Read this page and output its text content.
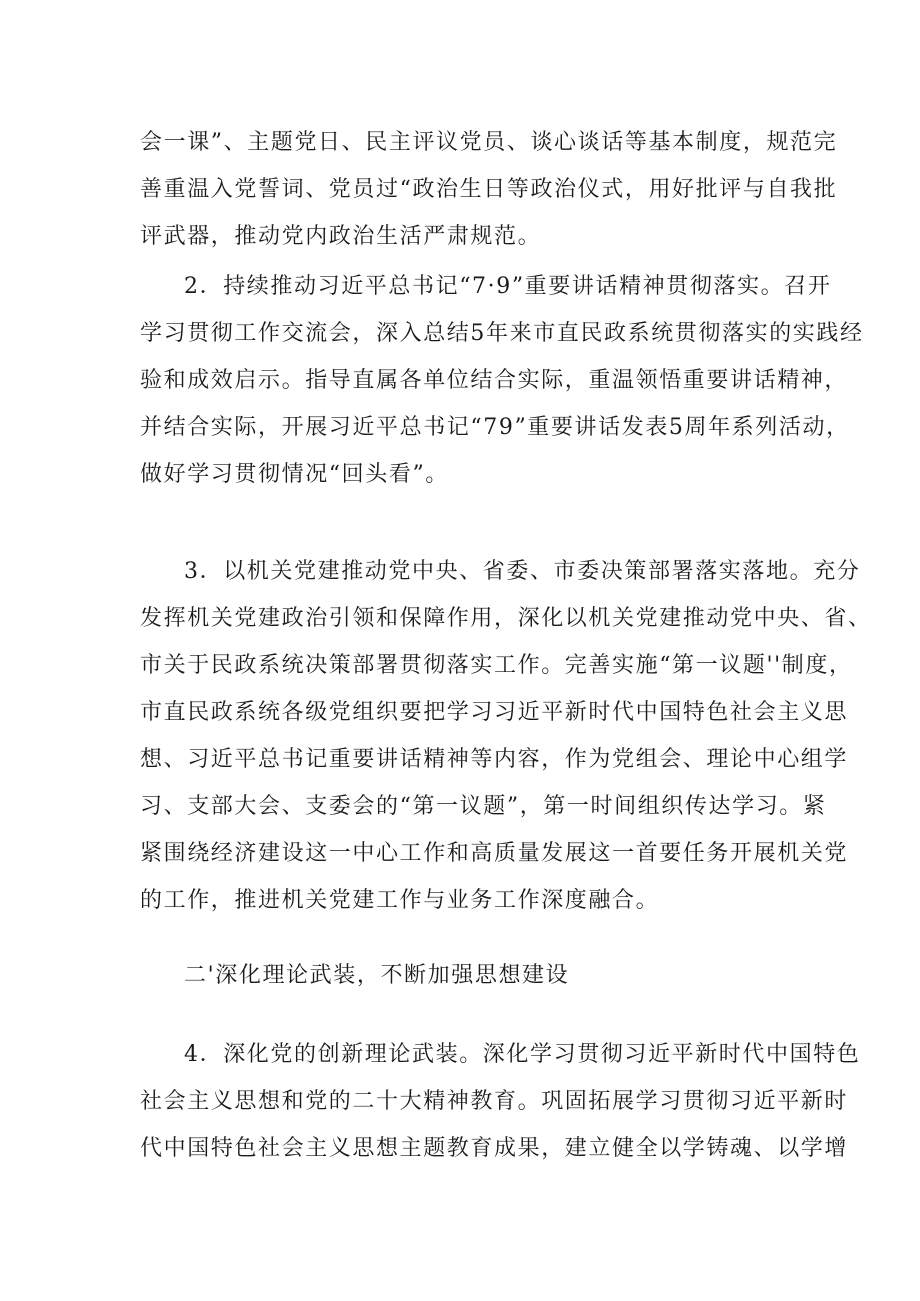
会一课”、主题党日、民主评议党员、谈心谈话等基本制度，规范完
善重温入党誓词、党员过“政治生日等政治仪式，用好批评与自我批
评武器，推动党内政治生活严肃规范。
2．持续推动习近平总书记“7·9”重要讲话精神贯彻落实。召开
学习贯彻工作交流会，深入总结5年来市直民政系统贯彻落实的实践经
验和成效启示。指导直属各单位结合实际，重温领悟重要讲话精神，
并结合实际，开展习近平总书记“79”重要讲话发表5周年系列活动，
做好学习贯彻情况“回头看”。
3．以机关党建推动党中央、省委、市委决策部署落实落地。充分
发挥机关党建政治引领和保障作用，深化以机关党建推动党中央、省、
市关于民政系统决策部署贯彻落实工作。完善实施“第一议题''制度，
市直民政系统各级党组织要把学习习近平新时代中国特色社会主义思
想、习近平总书记重要讲话精神等内容，作为党组会、理论中心组学
习、支部大会、支委会的“第一议题”，第一时间组织传达学习。紧
紧围绕经济建设这一中心工作和高质量发展这一首要任务开展机关党
的工作，推进机关党建工作与业务工作深度融合。

二'深化理论武装，不断加强思想建设

4．深化党的创新理论武装。深化学习贯彻习近平新时代中国特色
社会主义思想和党的二十大精神教育。巩固拓展学习贯彻习近平新时
代中国特色社会主义思想主题教育成果，建立健全以学铸魂、以学增
